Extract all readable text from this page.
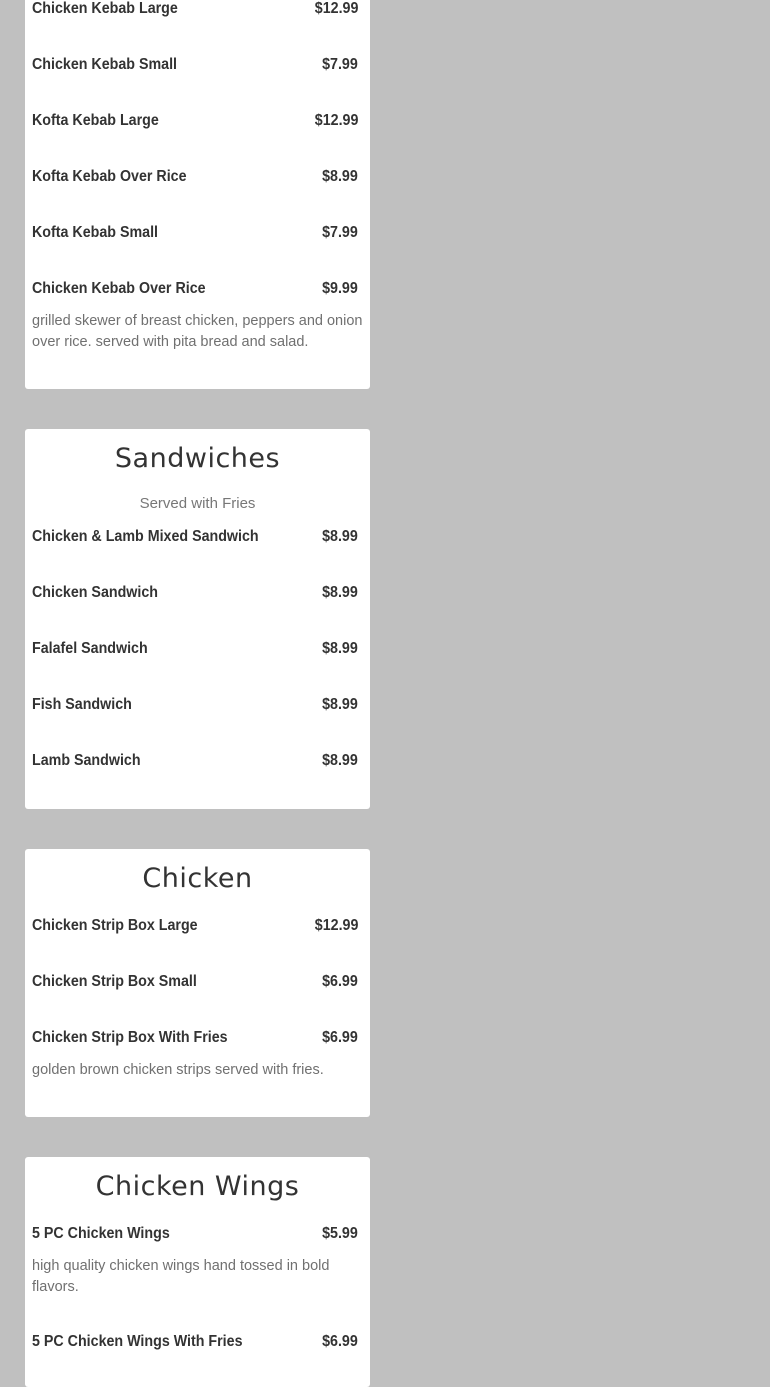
Chicken Kebab Large	$12.99
Chicken Kebab Small	$7.99
Kofta Kebab Large	$12.99
Kofta Kebab Over Rice	$8.99
Kofta Kebab Small	$7.99
Chicken Kebab Over Rice	$9.99
grilled skewer of breast chicken, peppers and onion over rice. served with pita bread and salad.
Sandwiches
Served with Fries
Chicken & Lamb Mixed Sandwich	$8.99
Chicken Sandwich	$8.99
Falafel Sandwich	$8.99
Fish Sandwich	$8.99
Lamb Sandwich	$8.99
Chicken
Chicken Strip Box Large	$12.99
Chicken Strip Box Small	$6.99
Chicken Strip Box With Fries	$6.99
golden brown chicken strips served with fries.
Chicken Wings
5 PC Chicken Wings	$5.99
high quality chicken wings hand tossed in bold flavors.
5 PC Chicken Wings With Fries	$6.99
